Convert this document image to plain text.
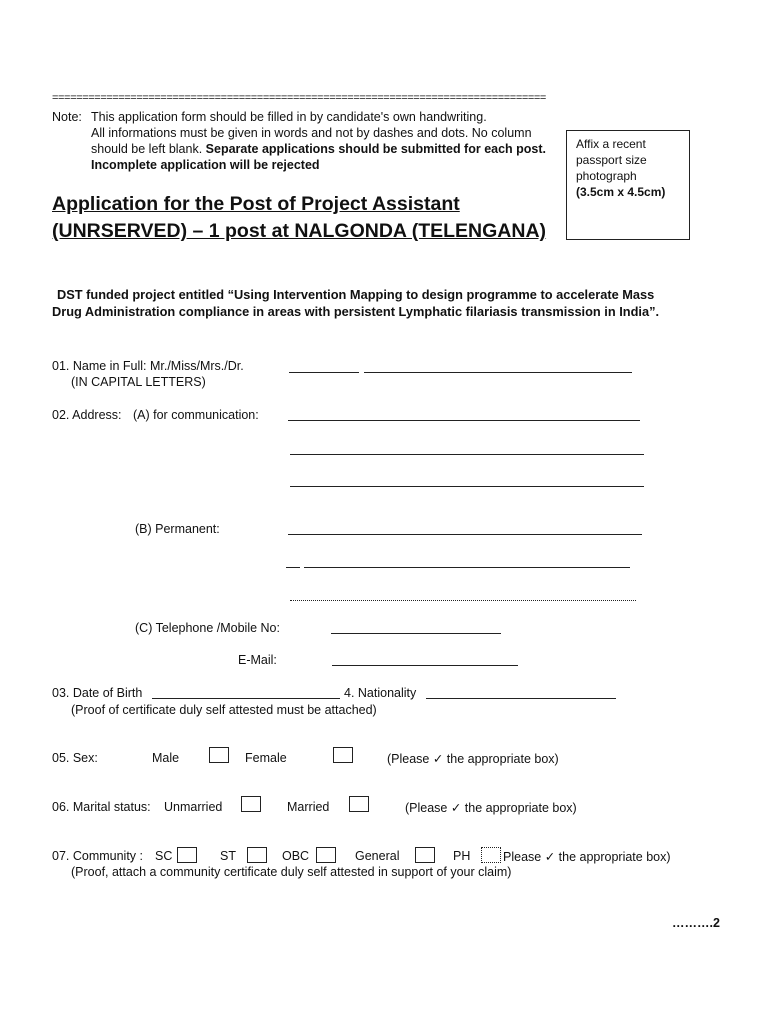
==================================================================================
Note: This application form should be filled in by candidate's own handwriting.
All informations must be given in words and not by dashes and dots. No column
should be left blank. Separate applications should be submitted for each post.
Incomplete application will be rejected
Affix a recent
passport size
photograph
(3.5cm x 4.5cm)
Application for the Post of Project Assistant
(UNRSERVED) – 1 post at NALGONDA (TELENGANA)
DST funded project entitled “Using Intervention Mapping to design programme to accelerate Mass
Drug Administration compliance in areas with persistent Lymphatic filariasis transmission in India”.
01. Name in Full: Mr./Miss/Mrs./Dr.
(IN CAPITAL LETTERS)
02. Address: (A) for communication:
(B) Permanent:
(C) Telephone /Mobile No:
E-Mail:
03. Date of Birth	4. Nationality
(Proof of certificate duly self attested must be attached)
05. Sex:	Male	Female	(Please ✓ the appropriate box)
06. Marital status: Unmarried	Married	(Please ✓ the appropriate box)
07. Community : SC	ST	OBC	General	PH	Please ✓ the appropriate box)
(Proof, attach a community certificate duly self attested in support of your claim)
……….2
